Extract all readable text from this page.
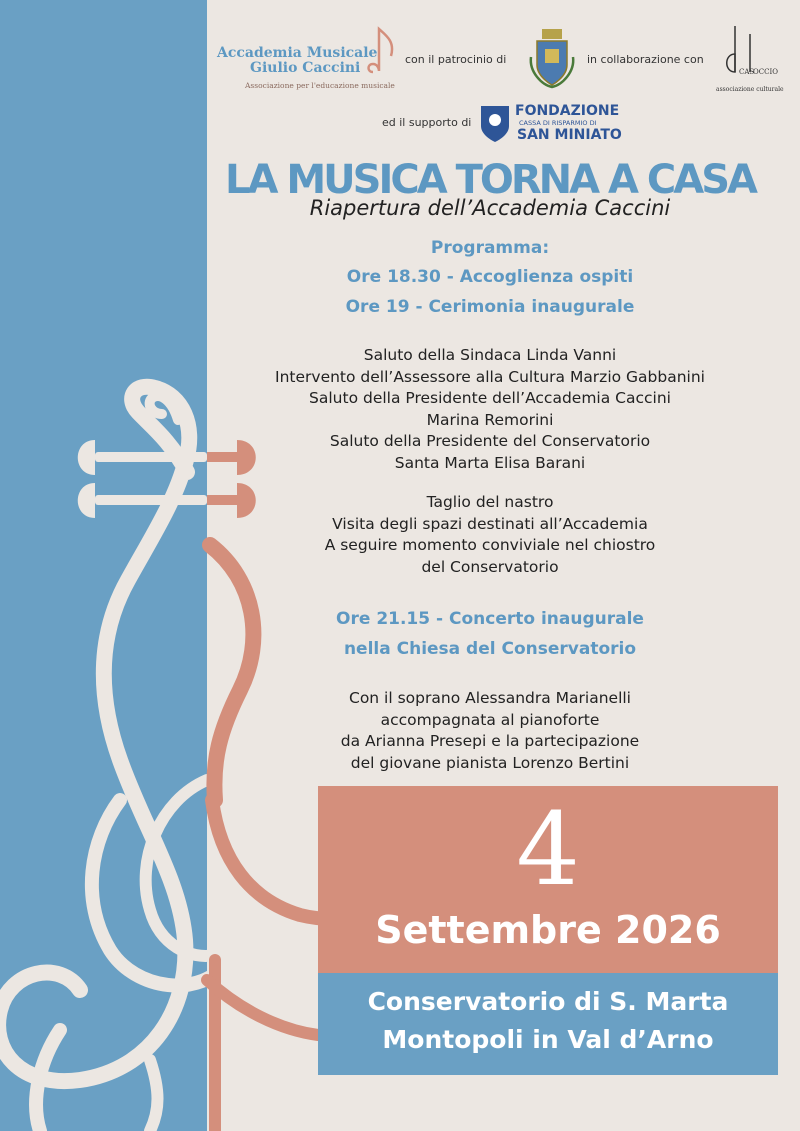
Accademia Musicale
Giulio Caccini
Associazione per l'educazione musicale
con il patrocinio di	in collaborazione con
CAS
OCCIO
associazione culturale
ed il supporto di
FONDAZIONE
CASSA DI RISPARMIO DI
SAN MINIATO
LA MUSICA TORNA A CASA
Riapertura dell’Accademia Caccini
Programma:
Ore 18.30 - Accoglienza ospiti
Ore 19 - Cerimonia inaugurale
Saluto della Sindaca Linda Vanni
Intervento dell’Assessore alla Cultura Marzio Gabbanini
Saluto della Presidente dell’Accademia Caccini
Marina Remorini
Saluto della Presidente del Conservatorio
Santa Marta Elisa Barani
Taglio del nastro
Visita degli spazi destinati all’Accademia
A seguire momento conviviale nel chiostro
del Conservatorio
Ore 21.15 - Concerto inaugurale
nella Chiesa del Conservatorio
Con il soprano Alessandra Marianelli
accompagnata al pianoforte
da Arianna Presepi e la partecipazione
del giovane pianista Lorenzo Bertini
4
Settembre 2026
Conservatorio di S. Marta
Montopoli in Val d’Arno
